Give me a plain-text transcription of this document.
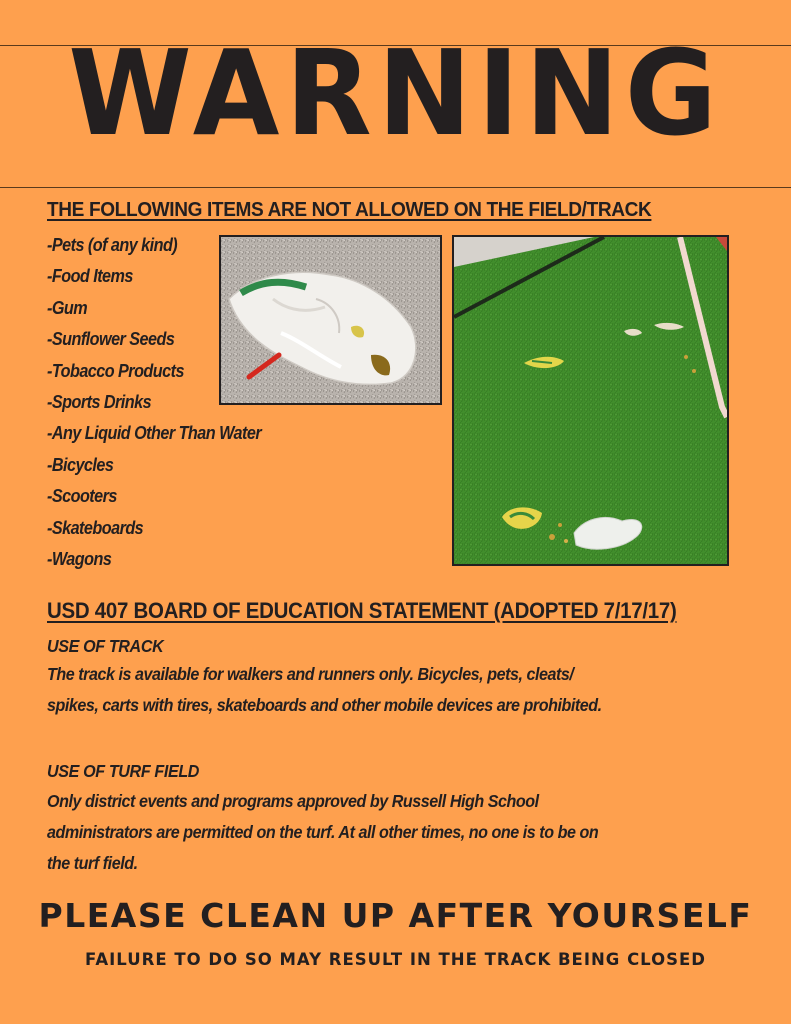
WARNING
THE FOLLOWING ITEMS ARE NOT ALLOWED ON THE FIELD/TRACK
-Pets (of any kind)
-Food Items
-Gum
-Sunflower Seeds
-Tobacco Products
-Sports Drinks
-Any Liquid Other Than Water
-Bicycles
-Scooters
-Skateboards
-Wagons
USD 407 BOARD OF EDUCATION STATEMENT (ADOPTED 7/17/17)
USE OF TRACK
The track is available for walkers and runners only. Bicycles, pets, cleats/
spikes, carts with tires, skateboards and other mobile devices are prohibited.
USE OF TURF FIELD
Only district events and programs approved by Russell High School
administrators are permitted on the turf. At all other times, no one is to be on
the turf field.
PLEASE CLEAN UP AFTER YOURSELF
FAILURE TO DO SO MAY RESULT IN THE TRACK BEING CLOSED
